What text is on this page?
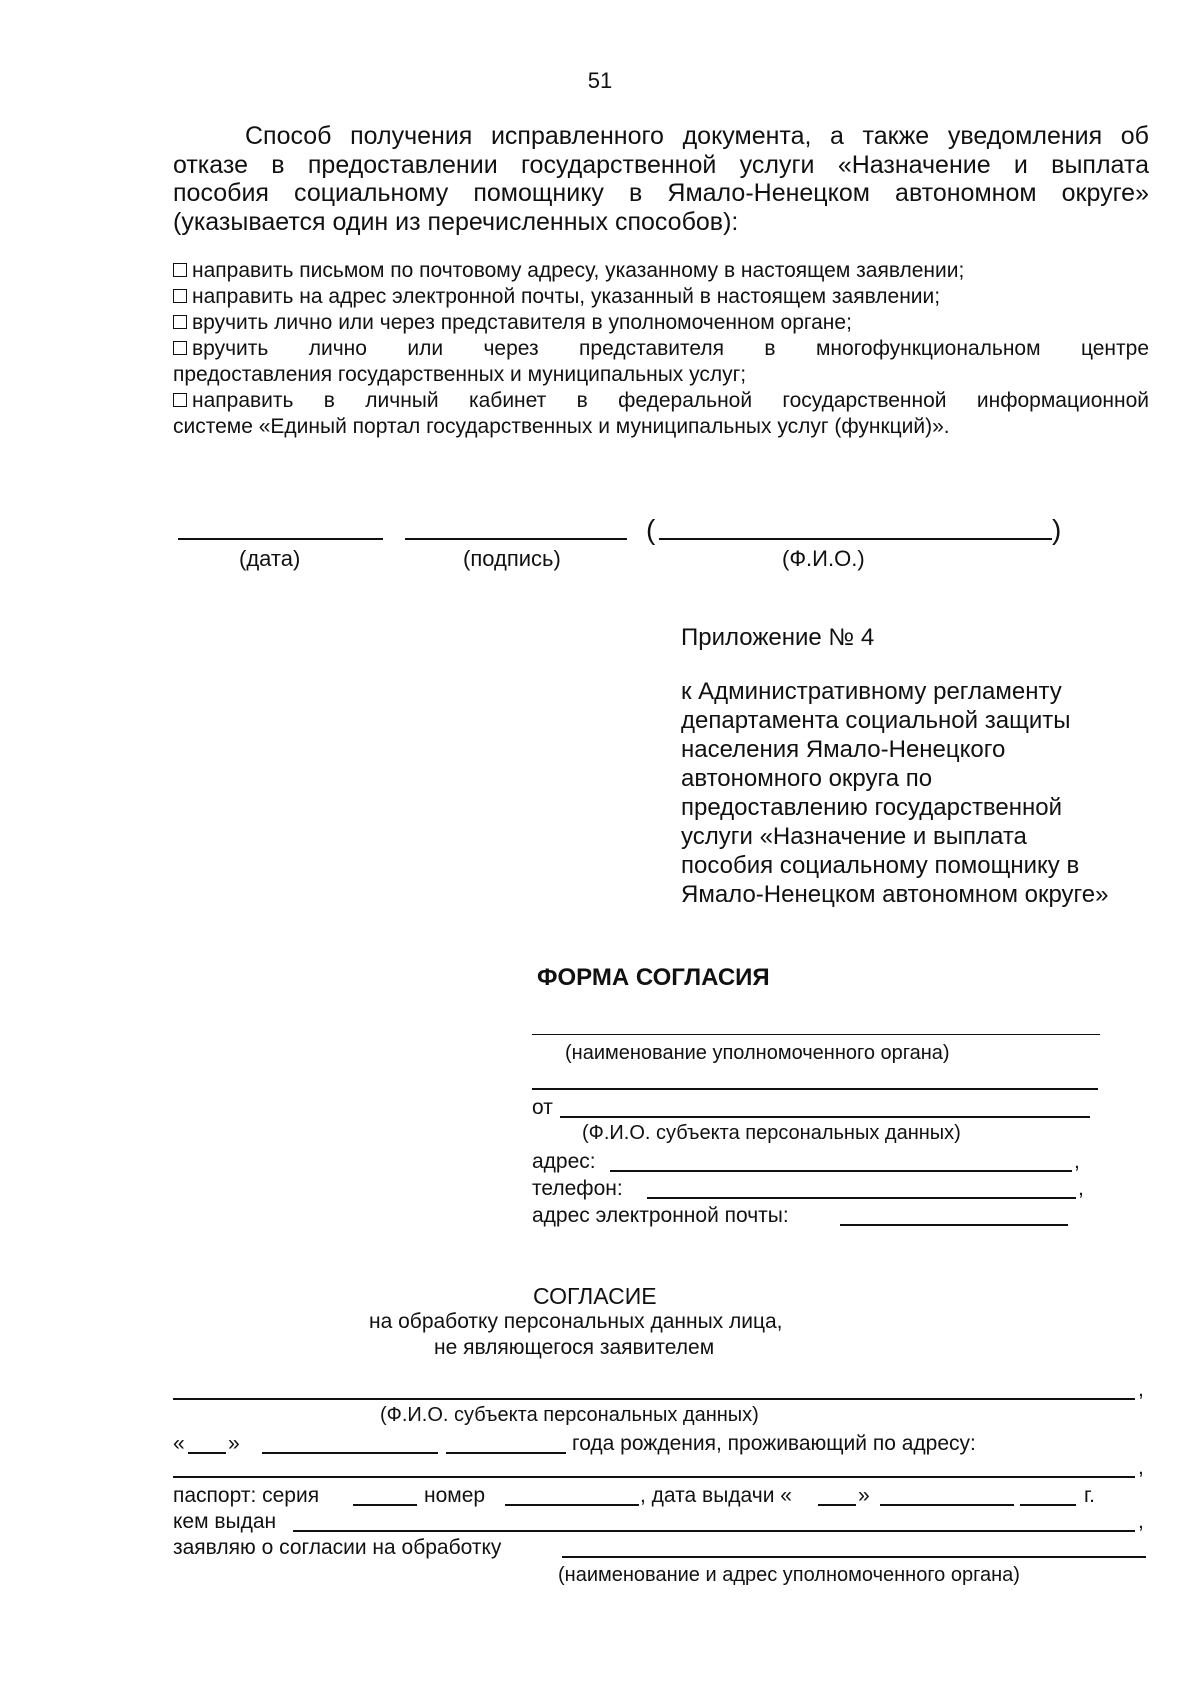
51
Способ получения исправленного документа, а также уведомления об
отказе в предоставлении государственной услуги «Назначение и выплата
пособия социальному помощнику в Ямало-Ненецком автономном округе»
(указывается один из перечисленных способов):
направить письмом по почтовому адресу, указанному в настоящем заявлении;
направить на адрес электронной почты, указанный в настоящем заявлении;
вручить лично или через представителя в уполномоченном органе;
вручить лично или через представителя в многофункциональном центре
предоставления государственных и муниципальных услуг;
направить в личный кабинет в федеральной государственной информационной
системе «Единый портал государственных и муниципальных услуг (функций)».
(	)
(дата)	(подпись)	(Ф.И.О.)
Приложение № 4
к Административному регламенту
департамента социальной защиты
населения Ямало-Ненецкого
автономного округа по
предоставлению государственной
услуги «Назначение и выплата
пособия социальному помощнику в
Ямало-Ненецком автономном округе»
ФОРМА СОГЛАСИЯ
(наименование уполномоченного органа)
от
(Ф.И.О. субъекта персональных данных)
адрес:	,
телефон:	,
адрес электронной почты:
СОГЛАСИЕ
на обработку персональных данных лица,
не являющегося заявителем
,
(Ф.И.О. субъекта персональных данных)
« »	года рождения, проживающий по адресу:
,
паспорт: серия	номер	, дата выдачи «	»	г.
кем выдан	,
заявляю о согласии на обработку
(наименование и адрес уполномоченного органа)
